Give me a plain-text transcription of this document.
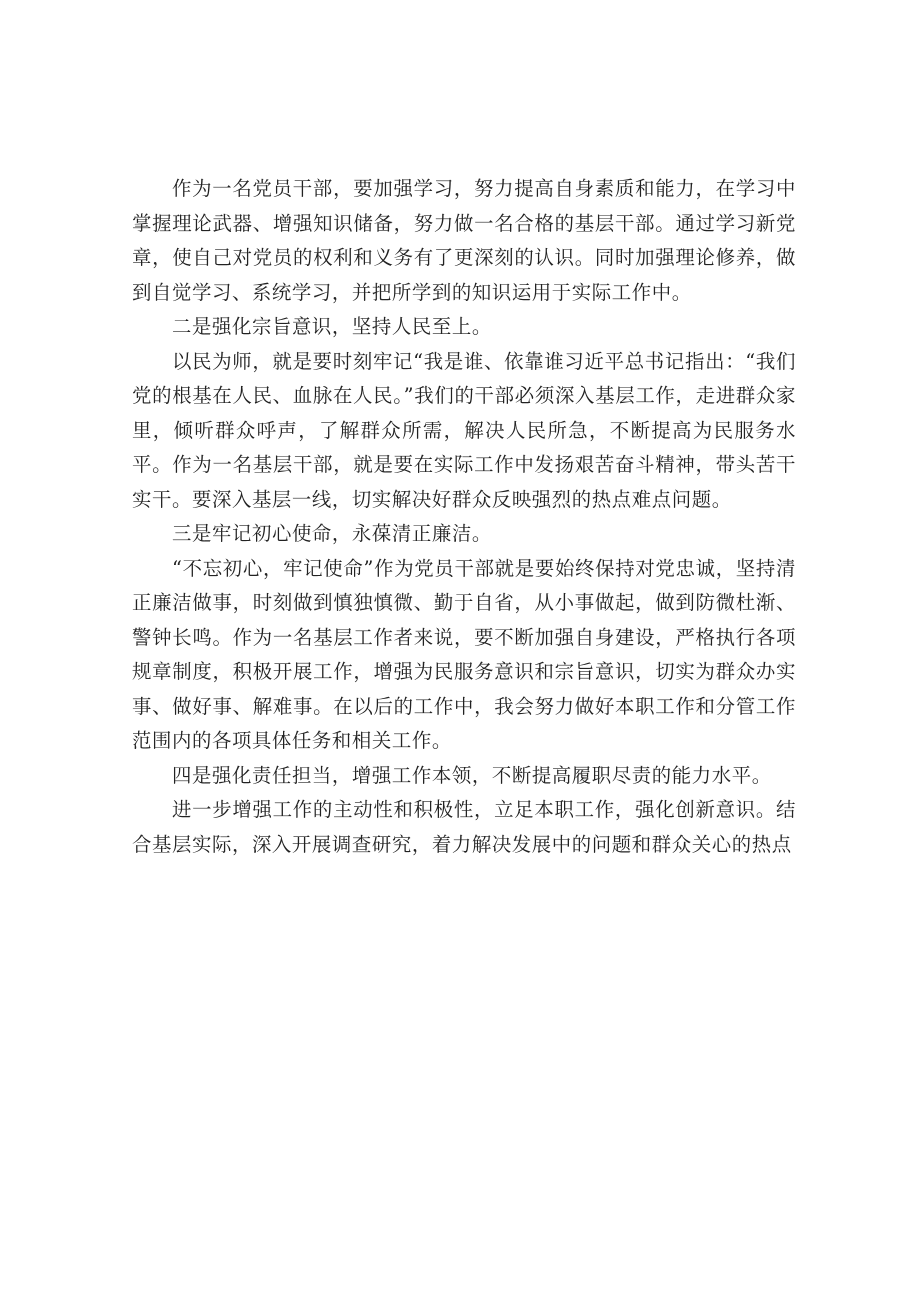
作为一名党员干部，要加强学习，努力提高自身素质和能力，在学习中掌握理论武器、增强知识储备，努力做一名合格的基层干部。通过学习新党章，使自己对党员的权利和义务有了更深刻的认识。同时加强理论修养，做到自觉学习、系统学习，并把所学到的知识运用于实际工作中。

二是强化宗旨意识，坚持人民至上。

以民为师，就是要时刻牢记“我是谁、依靠谁习近平总书记指出：“我们党的根基在人民、血脉在人民。”我们的干部必须深入基层工作，走进群众家里，倾听群众呼声，了解群众所需，解决人民所急，不断提高为民服务水平。作为一名基层干部，就是要在实际工作中发扬艰苦奋斗精神，带头苦干实干。要深入基层一线，切实解决好群众反映强烈的热点难点问题。

三是牢记初心使命，永葆清正廉洁。

“不忘初心，牢记使命”作为党员干部就是要始终保持对党忠诚，坚持清正廉洁做事，时刻做到慎独慎微、勤于自省，从小事做起，做到防微杜渐、警钟长鸣。作为一名基层工作者来说，要不断加强自身建设，严格执行各项规章制度，积极开展工作，增强为民服务意识和宗旨意识，切实为群众办实事、做好事、解难事。在以后的工作中，我会努力做好本职工作和分管工作范围内的各项具体任务和相关工作。

四是强化责任担当，增强工作本领，不断提高履职尽责的能力水平。

进一步增强工作的主动性和积极性，立足本职工作，强化创新意识。结合基层实际，深入开展调查研究，着力解决发展中的问题和群众关心的热点
